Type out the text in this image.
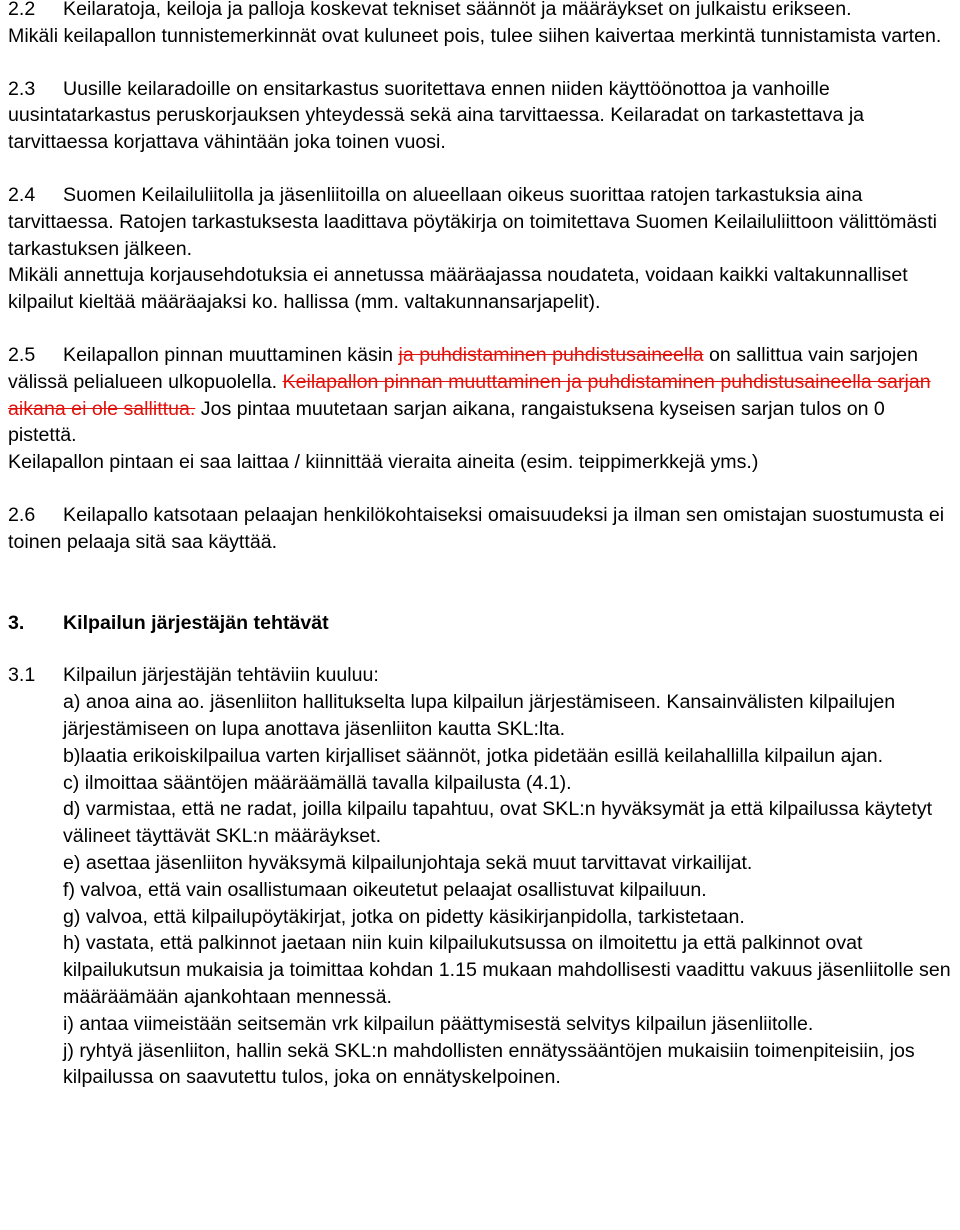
2.2	Keilaratoja, keiloja ja palloja koskevat tekniset säännöt ja määräykset on julkaistu erikseen.
Mikäli keilapallon tunnistemerkinnät ovat kuluneet pois, tulee siihen kaivertaa merkintä tunnistamista varten.
2.3 Uusille keilaradoille on ensitarkastus suoritettava ennen niiden käyttöönottoa ja vanhoille uusintatarkastus peruskorjauksen yhteydessä sekä aina tarvittaessa. Keilaradat on tarkastettava ja tarvittaessa korjattava vähintään joka toinen vuosi.
2.4 Suomen Keilailuliitolla ja jäsenliitoilla on alueellaan oikeus suorittaa ratojen tarkastuksia aina tarvittaessa. Ratojen tarkastuksesta laadittava pöytäkirja on toimitettava Suomen Keilailuliittoon välittömästi tarkastuksen jälkeen.
Mikäli annettuja korjausehdotuksia ei annetussa määräajassa noudateta, voidaan kaikki valtakunnalliset kilpailut kieltää määräajaksi ko. hallissa (mm. valtakunnansarjapelit).
2.5 Keilapallon pinnan muuttaminen käsin ja puhdistaminen puhdistusaineella on sallittua vain sarjojen välissä pelialueen ulkopuolella. Keilapallon pinnan muuttaminen ja puhdistaminen puhdistusaineella sarjan aikana ei ole sallittua. Jos pintaa muutetaan sarjan aikana, rangaistuksena kyseisen sarjan tulos on 0 pistettä.
Keilapallon pintaan ei saa laittaa / kiinnittää vieraita aineita (esim. teippimerkkejä yms.)
2.6 Keilapallo katsotaan pelaajan henkilökohtaiseksi omaisuudeksi ja ilman sen omistajan suostumusta ei toinen pelaaja sitä saa käyttää.
3. Kilpailun järjestäjän tehtävät
3.1 Kilpailun järjestäjän tehtäviin kuuluu:
a) anoa aina ao. jäsenliiton hallitukselta lupa kilpailun järjestämiseen. Kansainvälisten kilpailujen järjestämiseen on lupa anottava jäsenliiton kautta SKL:lta.
b)laatia erikoiskilpailua varten kirjalliset säännöt, jotka pidetään esillä keilahallilla kilpailun ajan.
c) ilmoittaa sääntöjen määräämällä tavalla kilpailusta (4.1).
d) varmistaa, että ne radat, joilla kilpailu tapahtuu, ovat SKL:n hyväksymät ja että kilpailussa käytetyt välineet täyttävät SKL:n määräykset.
e) asettaa jäsenliiton hyväksymä kilpailunjohtaja sekä muut tarvittavat virkailijat.
f) valvoa, että vain osallistumaan oikeutetut pelaajat osallistuvat kilpailuun.
g) valvoa, että kilpailupöytäkirjat, jotka on pidetty käsikirjanpidolla, tarkistetaan.
h) vastata, että palkinnot jaetaan niin kuin kilpailukutsussa on ilmoitettu ja että palkinnot ovat kilpailukutsun mukaisia ja toimittaa kohdan 1.15 mukaan mahdollisesti vaadittu vakuus jäsenliitolle sen määräämään ajankohtaan mennessä.
i) antaa viimeistään seitsemän vrk kilpailun päättymisestä selvitys kilpailun jäsenliitolle.
j) ryhtyä jäsenliiton, hallin sekä SKL:n mahdollisten ennätyssääntöjen mukaisiin toimenpiteisiin, jos kilpailussa on saavutettu tulos, joka on ennätyskelpoinen.
